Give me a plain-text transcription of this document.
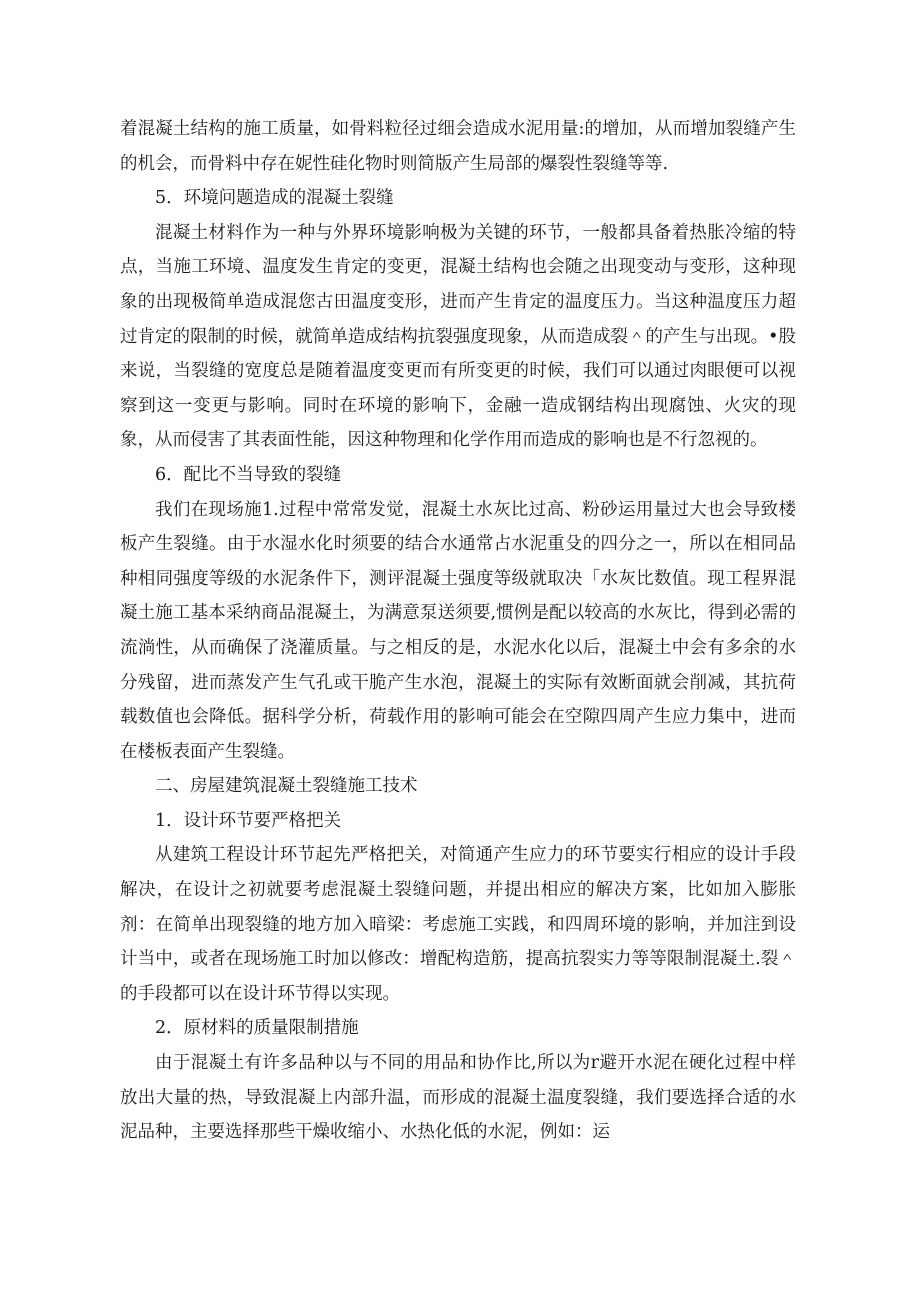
着混凝土结构的施工质量，如骨料粒径过细会造成水泥用量:的增加，从而增加裂缝产生的机会，而骨料中存在妮性硅化物时则简版产生局部的爆裂性裂缝等等.

5．环境问题造成的混凝土裂缝

混凝土材料作为一种与外界环境影响极为关键的环节，一般都具备着热胀冷缩的特点，当施工环境、温度发生肯定的变更，混凝土结构也会随之出现变动与变形，这种现象的出现极简单造成混您古田温度变形，进而产生肯定的温度压力。当这种温度压力超过肯定的限制的时候，就简单造成结构抗裂强度现象，从而造成裂＾的产生与出现。•股来说，当裂缝的宽度总是随着温度变更而有所变更的时候，我们可以通过肉眼便可以视察到这一变更与影响。同时在环境的影响下，金融一造成钢结构出现腐蚀、火灾的现象，从而侵害了其表面性能，因这种物理和化学作用而造成的影响也是不行忽视的。

6．配比不当导致的裂缝

我们在现场施1.过程中常常发觉，混凝土水灰比过高、粉砂运用量过大也会导致楼板产生裂缝。由于水湿水化时须要的结合水通常占水泥重殳的四分之一，所以在相同品种相同强度等级的水泥条件下，测评混凝土强度等级就取决「水灰比数值。现工程界混凝土施工基本采纳商品混凝土，为满意泵送须要,惯例是配以较高的水灰比，得到必需的流淌性，从而确保了浇灌质量。与之相反的是，水泥水化以后，混凝土中会有多余的水分残留，进而蒸发产生气孔或干脆产生水泡，混凝土的实际有效断面就会削减，其抗荷载数值也会降低。据科学分析，荷载作用的影响可能会在空隙四周产生应力集中，进而在楼板表面产生裂缝。

二、房屋建筑混凝土裂缝施工技术

1．设计环节要严格把关

从建筑工程设计环节起先严格把关，对简通产生应力的环节要实行相应的设计手段解决，在设计之初就要考虑混凝土裂缝问题，并提出相应的解决方案，比如加入膨胀剂：在简单出现裂缝的地方加入暗梁：考虑施工实践，和四周环境的影响，并加注到设计当中，或者在现场施工时加以修改：增配构造筋，提高抗裂实力等等限制混凝土.裂＾的手段都可以在设计环节得以实现。

2．原材料的质量限制措施

由于混凝土有许多品种以与不同的用品和协作比,所以为r避开水泥在硬化过程中样放出大量的热，导致混凝上内部升温，而形成的混凝土温度裂缝，我们要选择合适的水泥品种，主要选择那些干燥收缩小、水热化低的水泥，例如：运
